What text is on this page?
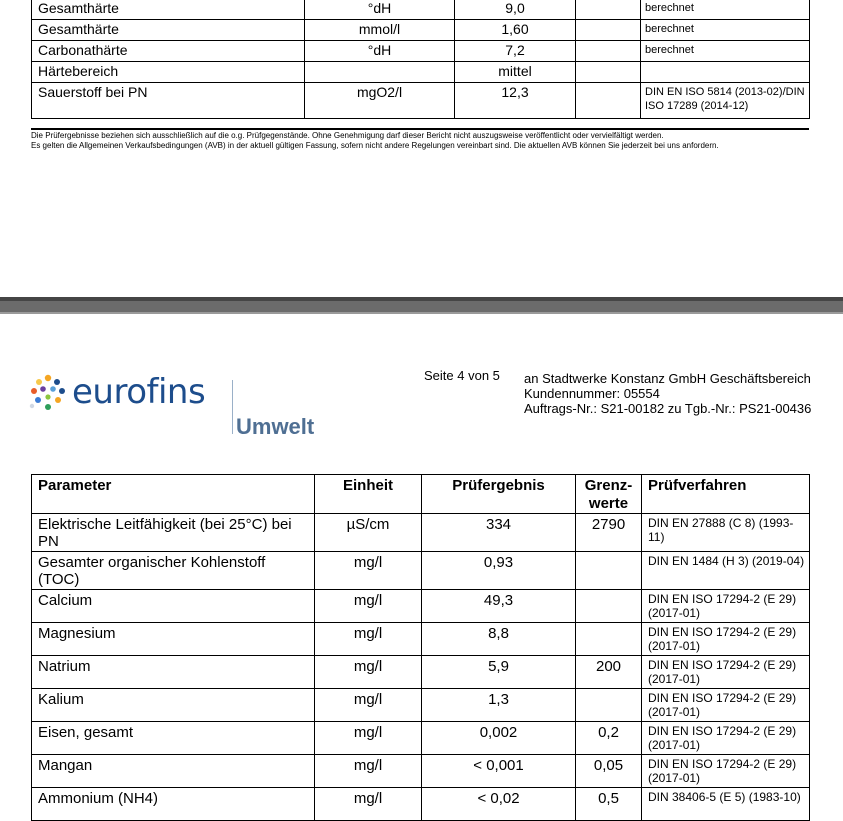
Gesamthärte	°dH	9,0		berechnet
Gesamthärte	mmol/l	1,60		berechnet
Carbonathärte	°dH	7,2		berechnet
Härtebereich		mittel		
Sauerstoff bei PN	mgO2/l	12,3		DIN EN ISO 5814 (2013-02)/DIN ISO 17289 (2014-12)

Die Prüfergebnisse beziehen sich ausschließlich auf die o.g. Prüfgegenstände. Ohne Genehmigung darf dieser Bericht nicht auszugsweise veröffentlicht oder vervielfältigt werden.

Es gelten die Allgemeinen Verkaufsbedingungen (AVB) in der aktuell gültigen Fassung, sofern nicht andere Regelungen vereinbart sind. Die aktuellen AVB können Sie jederzeit bei uns anfordern.

eurofins
Umwelt
Seite 4 von 5 an Stadtwerke Konstanz GmbH Geschäftsbereich
Kundennummer: 05554
Auftrags-Nr.: S21-00182 zu Tgb.-Nr.: PS21-00436
Parameter	Einheit	Prüfergebnis	Grenz- werte	Prüfverfahren
Elektrische Leitfähigkeit (bei 25°C) bei PN	µS/cm	334	2790	DIN EN 27888 (C 8) (1993-11)
Gesamter organischer Kohlenstoff (TOC)	mg/l	0,93		DIN EN 1484 (H 3) (2019-04)
Calcium	mg/l	49,3		DIN EN ISO 17294-2 (E 29) (2017-01)
Magnesium	mg/l	8,8		DIN EN ISO 17294-2 (E 29) (2017-01)
Natrium	mg/l	5,9	200	DIN EN ISO 17294-2 (E 29) (2017-01)
Kalium	mg/l	1,3		DIN EN ISO 17294-2 (E 29) (2017-01)
Eisen, gesamt	mg/l	0,002	0,2	DIN EN ISO 17294-2 (E 29) (2017-01)
Mangan	mg/l	< 0,001	0,05	DIN EN ISO 17294-2 (E 29) (2017-01)
Ammonium (NH4)	mg/l	< 0,02	0,5	DIN 38406-5 (E 5) (1983-10)
